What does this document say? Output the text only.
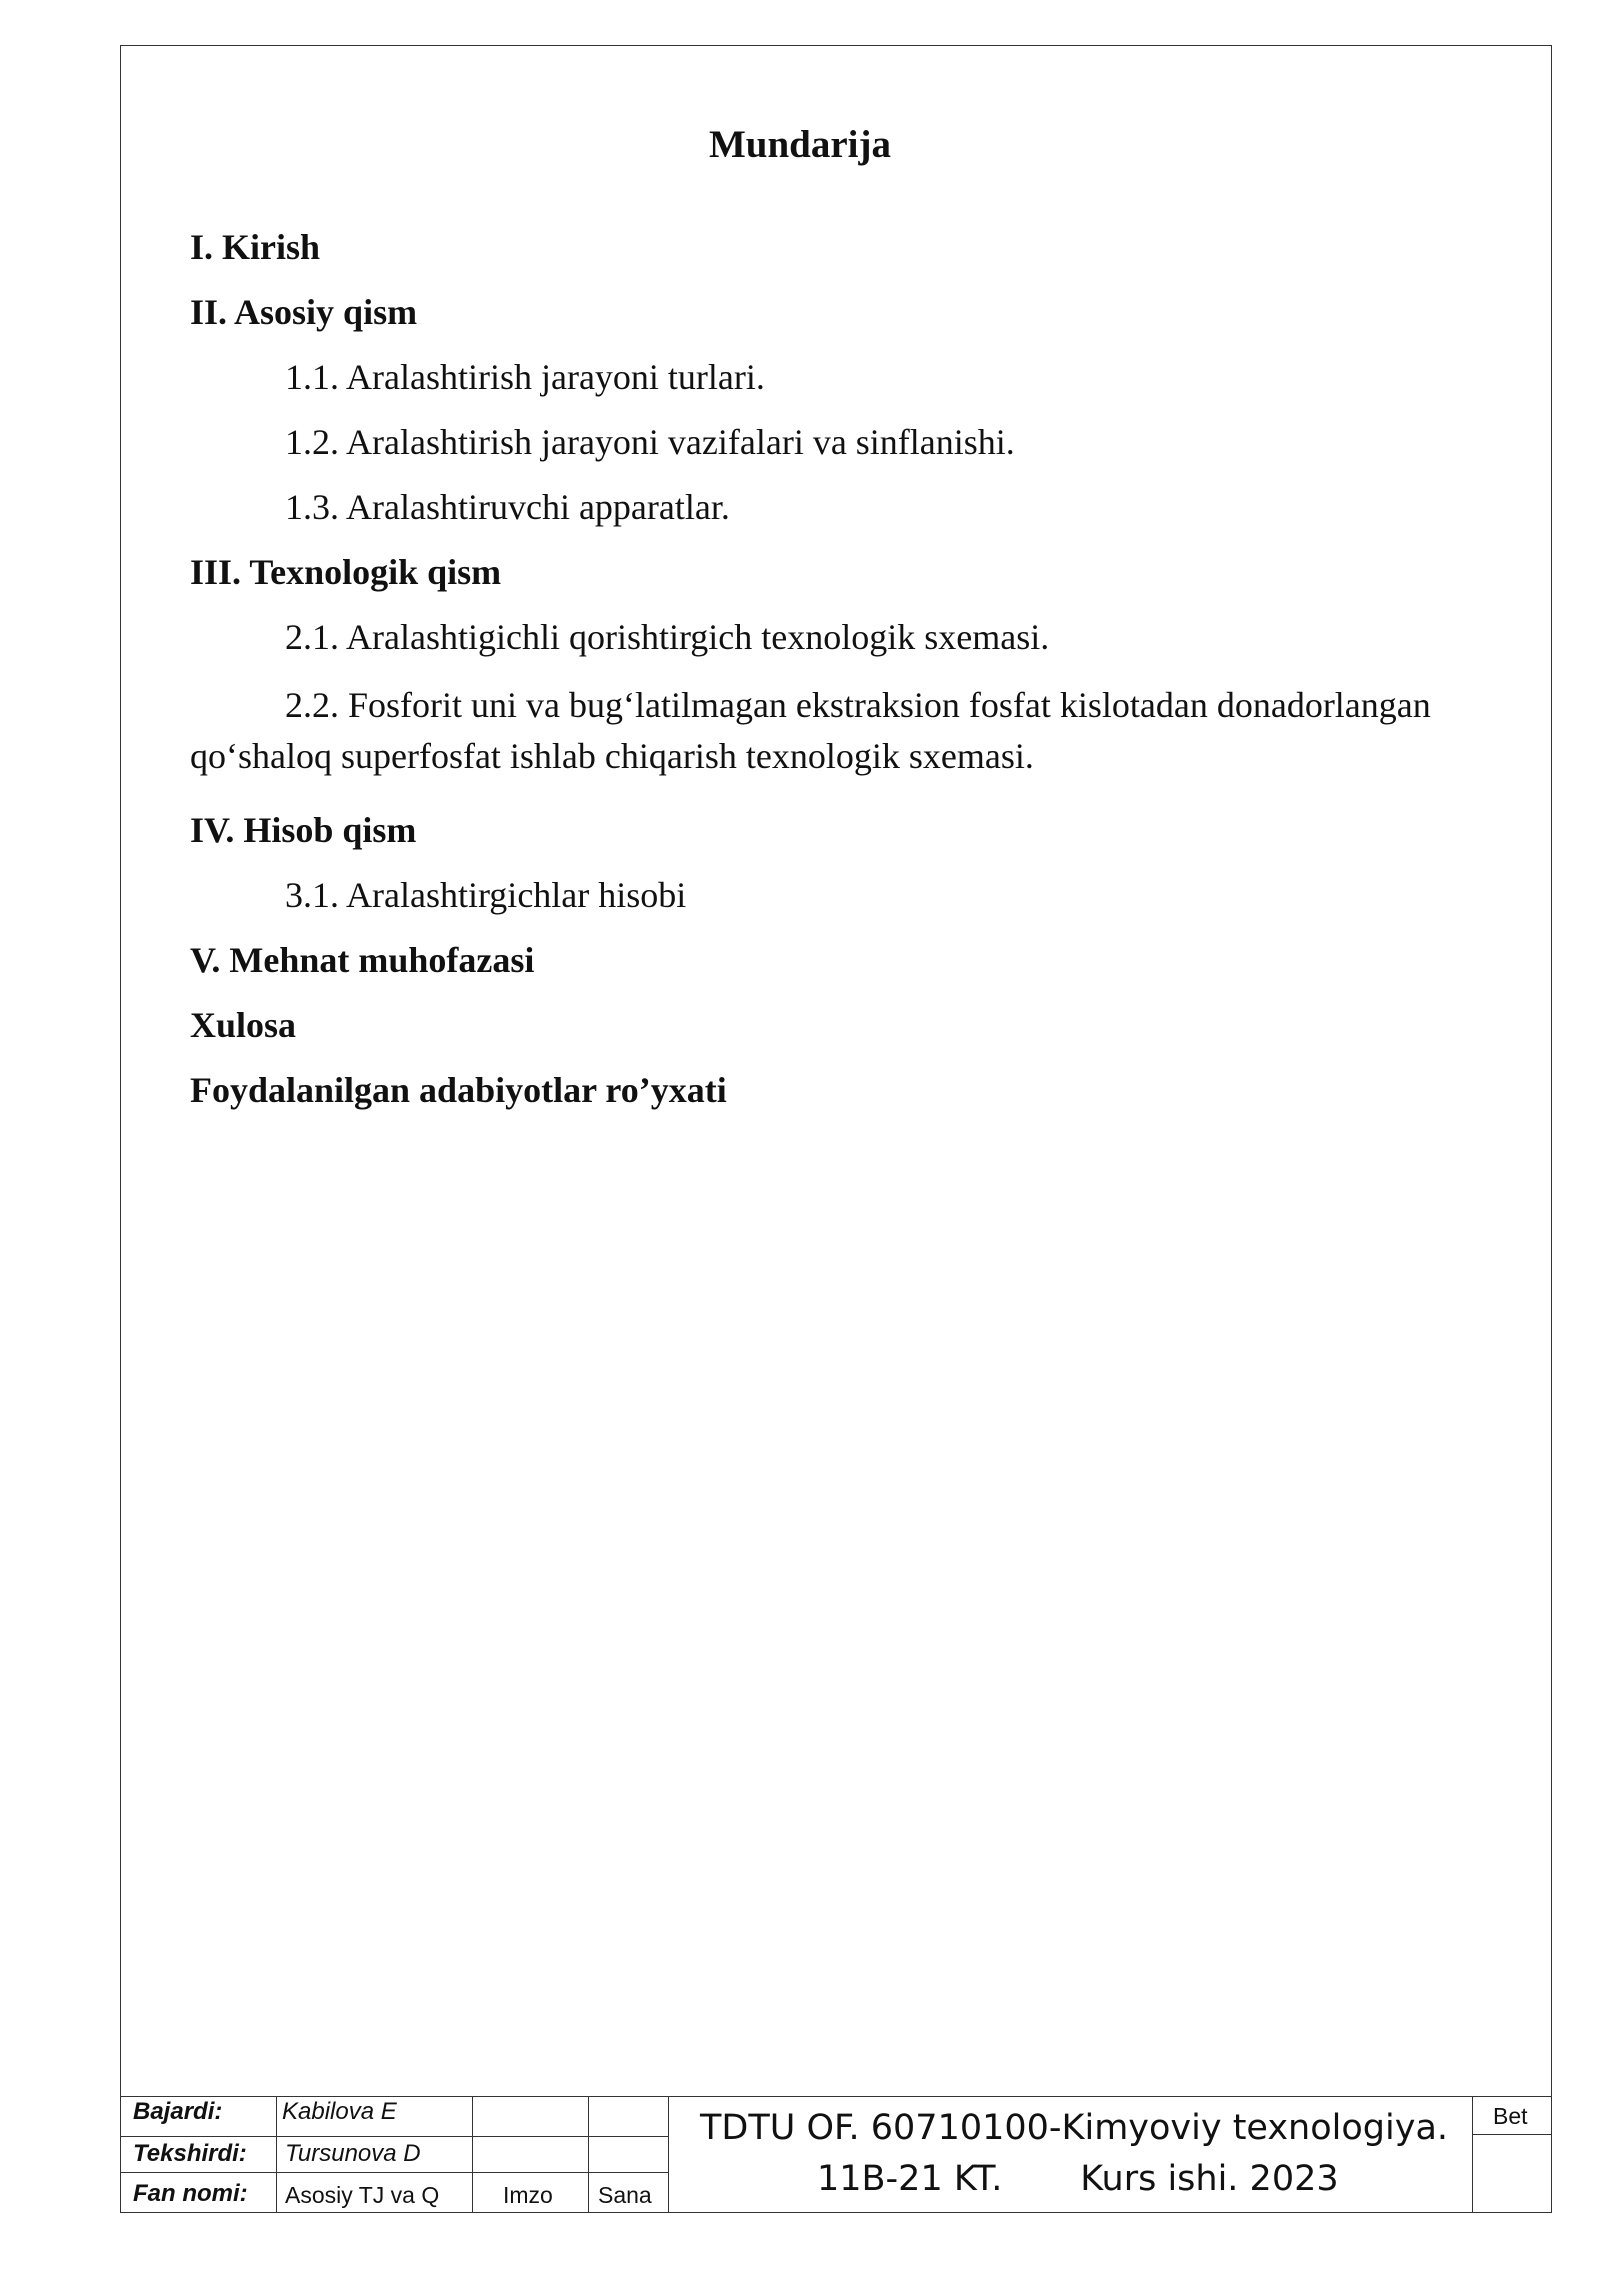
Mundarija
I. Kirish
II. Asosiy qism
1.1. Aralashtirish jarayoni turlari.
1.2. Aralashtirish jarayoni vazifalari va sinflanishi.
1.3. Aralashtiruvchi apparatlar.
III. Texnologik qism
2.1. Aralashtigichli qorishtirgich texnologik sxemasi.
2.2. Fosforit uni va bug‘latilmagan ekstraksion fosfat kislotadan donadorlangan qo‘shaloq superfosfat ishlab chiqarish texnologik sxemasi.
IV. Hisob qism
3.1. Aralashtirgichlar hisobi
V. Mehnat muhofazasi
Xulosa
Foydalanilgan adabiyotlar ro’yxati
Bajardi: Kabilova E
Tekshirdi: Tursunova D
Fan nomi: Asosiy TJ va Q	Imzo Sana
TDTU OF. 60710100-Kimyoviy texnologiya.
11B-21 KT.       Kurs ishi. 2023
Bet
